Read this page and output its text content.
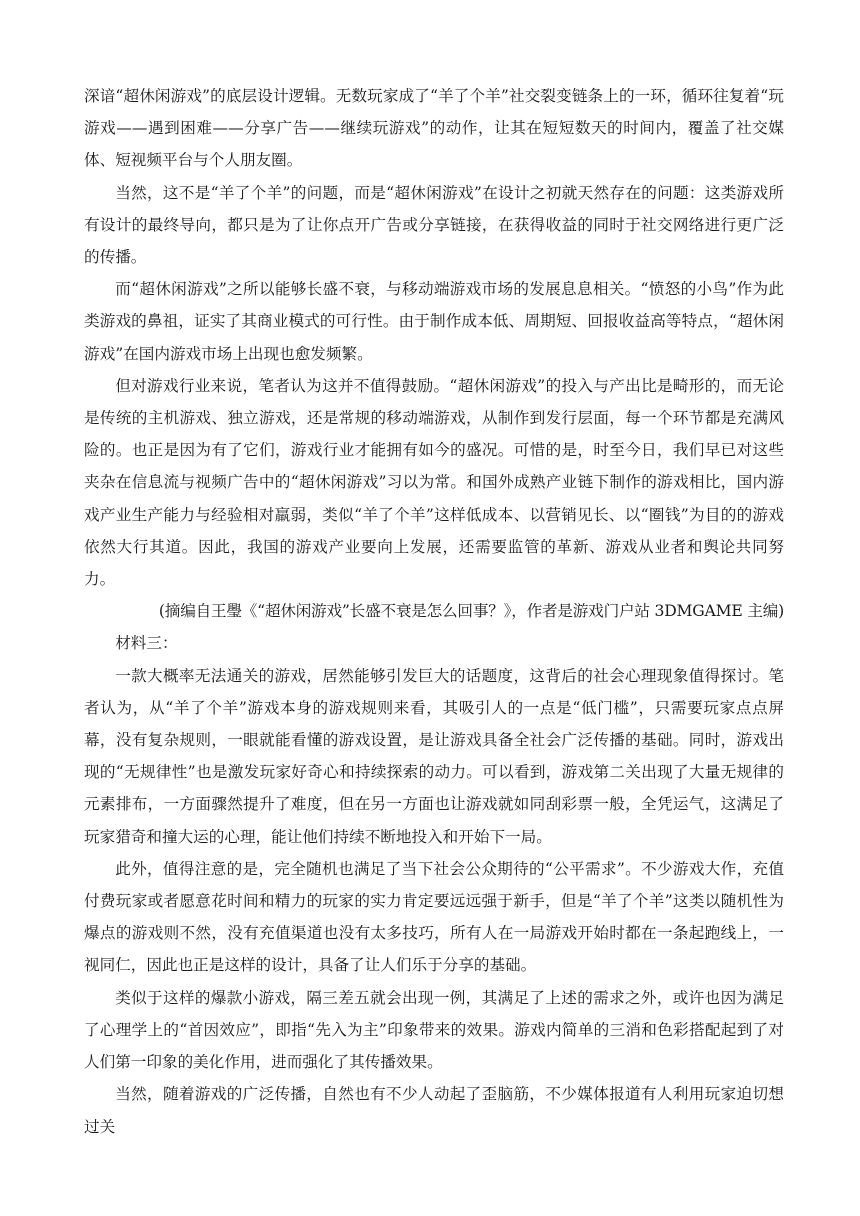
深谙“超休闲游戏”的底层设计逻辑。无数玩家成了“羊了个羊”社交裂变链条上的一环，循环往复着“玩游戏——遇到困难——分享广告——继续玩游戏”的动作，让其在短短数天的时间内，覆盖了社交媒体、短视频平台与个人朋友圈。

当然，这不是“羊了个羊”的问题，而是“超休闲游戏”在设计之初就天然存在的问题：这类游戏所有设计的最终导向，都只是为了让你点开广告或分享链接，在获得收益的同时于社交网络进行更广泛的传播。

而“超休闲游戏”之所以能够长盛不衰，与移动端游戏市场的发展息息相关。“愤怒的小鸟”作为此类游戏的鼻祖，证实了其商业模式的可行性。由于制作成本低、周期短、回报收益高等特点，“超休闲游戏”在国内游戏市场上出现也愈发频繁。

但对游戏行业来说，笔者认为这并不值得鼓励。“超休闲游戏”的投入与产出比是畸形的，而无论是传统的主机游戏、独立游戏，还是常规的移动端游戏，从制作到发行层面，每一个环节都是充满风险的。也正是因为有了它们，游戏行业才能拥有如今的盛况。可惜的是，时至今日，我们早已对这些夹杂在信息流与视频广告中的“超休闲游戏”习以为常。和国外成熟产业链下制作的游戏相比，国内游戏产业生产能力与经验相对羸弱，类似“羊了个羊”这样低成本、以营销见长、以“圈钱”为目的的游戏依然大行其道。因此，我国的游戏产业要向上发展，还需要监管的革新、游戏从业者和舆论共同努力。

(摘编自王璺《“超休闲游戏”长盛不衰是怎么回事？》，作者是游戏门户站 3DMGAME 主编)

材料三：

一款大概率无法通关的游戏，居然能够引发巨大的话题度，这背后的社会心理现象值得探讨。笔者认为，从“羊了个羊”游戏本身的游戏规则来看，其吸引人的一点是“低门槛”，只需要玩家点点屏幕，没有复杂规则，一眼就能看懂的游戏设置，是让游戏具备全社会广泛传播的基础。同时，游戏出现的“无规律性”也是激发玩家好奇心和持续探索的动力。可以看到，游戏第二关出现了大量无规律的元素排布，一方面骤然提升了难度，但在另一方面也让游戏就如同刮彩票一般，全凭运气，这满足了玩家猎奇和撞大运的心理，能让他们持续不断地投入和开始下一局。

此外，值得注意的是，完全随机也满足了当下社会公众期待的“公平需求”。不少游戏大作，充值付费玩家或者愿意花时间和精力的玩家的实力肯定要远远强于新手，但是“羊了个羊”这类以随机性为爆点的游戏则不然，没有充值渠道也没有太多技巧，所有人在一局游戏开始时都在一条起跑线上，一视同仁，因此也正是这样的设计，具备了让人们乐于分享的基础。

类似于这样的爆款小游戏，隔三差五就会出现一例，其满足了上述的需求之外，或许也因为满足了心理学上的“首因效应”，即指“先入为主”印象带来的效果。游戏内简单的三消和色彩搭配起到了对人们第一印象的美化作用，进而强化了其传播效果。

当然，随着游戏的广泛传播，自然也有不少人动起了歪脑筋，不少媒体报道有人利用玩家迫切想过关
